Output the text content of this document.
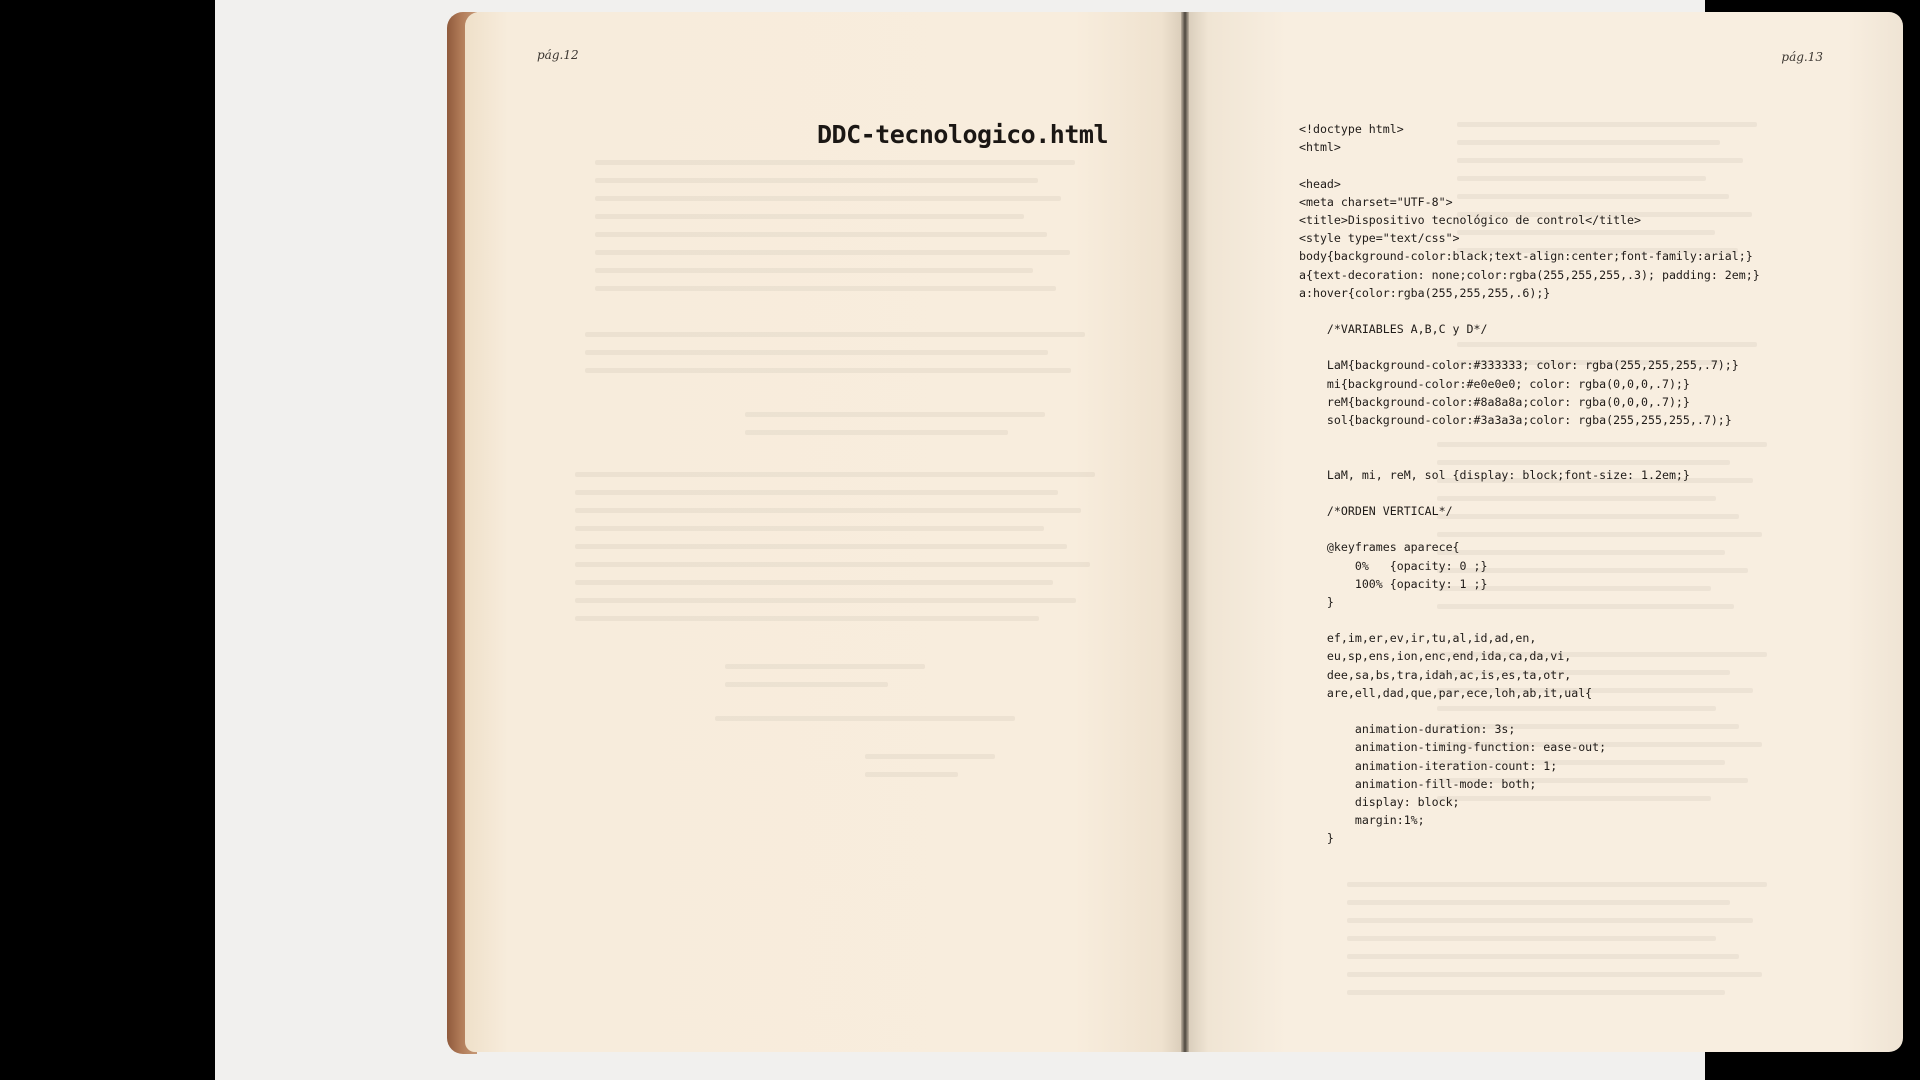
pág.12
DDC-tecnologico.html
pág.13
<!doctype html>
<html>
<head>
<meta charset="UTF-8">
<title>Dispositivo tecnológico de control</title>
<style type="text/css">
body{background-color:black;text-align:center;font-family:arial;}
a{text-decoration: none;color:rgba(255,255,255,.3); padding: 2em;}
a:hover{color:rgba(255,255,255,.6);}
/*VARIABLES A,B,C y D*/
LaM{background-color:#333333; color: rgba(255,255,255,.7);}
mi{background-color:#e0e0e0; color: rgba(0,0,0,.7);}
reM{background-color:#8a8a8a;color: rgba(0,0,0,.7);}
sol{background-color:#3a3a3a;color: rgba(255,255,255,.7);}
LaM, mi, reM, sol {display: block;font-size: 1.2em;}
/*ORDEN VERTICAL*/
@keyframes aparece{
0%   {opacity: 0 ;}
100% {opacity: 1 ;}
}
ef,im,er,ev,ir,tu,al,id,ad,en,
eu,sp,ens,ion,enc,end,ida,ca,da,vi,
dee,sa,bs,tra,idah,ac,is,es,ta,otr,
are,ell,dad,que,par,ece,loh,ab,it,ual{
animation-duration: 3s;
animation-timing-function: ease-out;
animation-iteration-count: 1;
animation-fill-mode: both;
display: block;
margin:1%;
}
